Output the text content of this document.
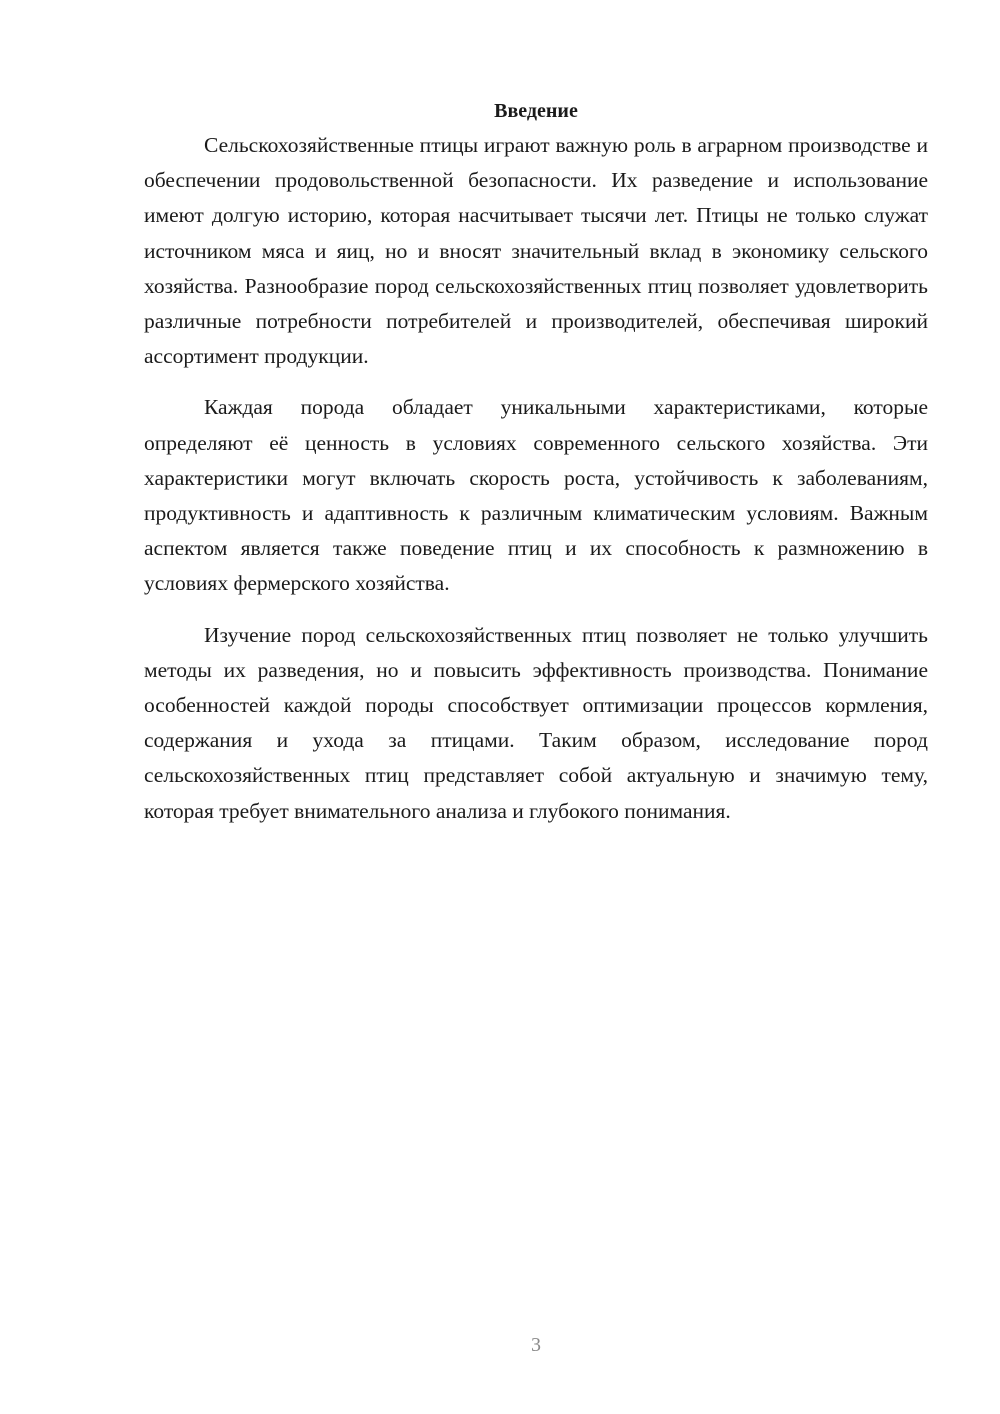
Введение

Сельскохозяйственные птицы играют важную роль в аграрном производстве и обеспечении продовольственной безопасности. Их разведение и использование имеют долгую историю, которая насчитывает тысячи лет. Птицы не только служат источником мяса и яиц, но и вносят значительный вклад в экономику сельского хозяйства. Разнообразие пород сельскохозяйственных птиц позволяет удовлетворить различные потребности потребителей и производителей, обеспечивая широкий ассортимент продукции.

Каждая порода обладает уникальными характеристиками, которые определяют её ценность в условиях современного сельского хозяйства. Эти характеристики могут включать скорость роста, устойчивость к заболеваниям, продуктивность и адаптивность к различным климатическим условиям. Важным аспектом является также поведение птиц и их способность к размножению в условиях фермерского хозяйства.

Изучение пород сельскохозяйственных птиц позволяет не только улучшить методы их разведения, но и повысить эффективность производства. Понимание особенностей каждой породы способствует оптимизации процессов кормления, содержания и ухода за птицами. Таким образом, исследование пород сельскохозяйственных птиц представляет собой актуальную и значимую тему, которая требует внимательного анализа и глубокого понимания.

3
